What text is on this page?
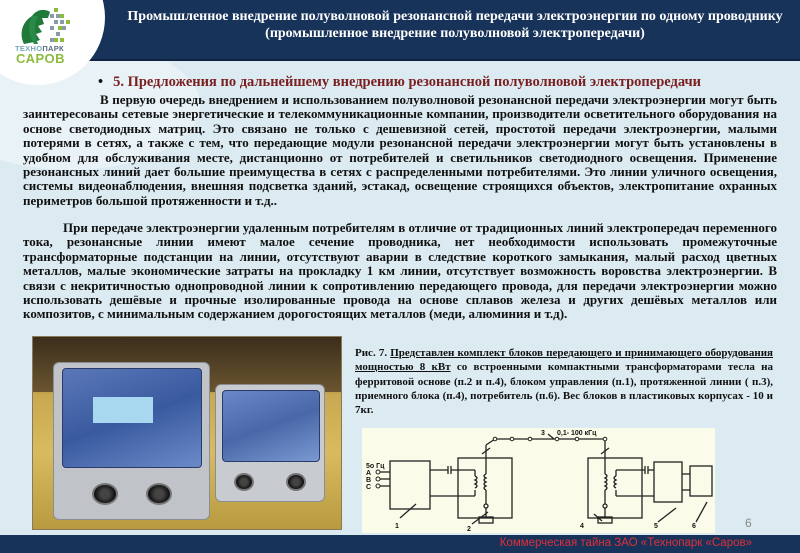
Промышленное внедрение полуволновой резонансной передачи электроэнергии по одному проводнику
(промышленное внедрение полуволновой электропередачи)
ТЕХНОПАРК
САРОВ
• 5. Предложения по дальнейшему внедрению резонансной полуволновой электропередачи
В первую очередь внедрением и использованием полуволновой резонансной передачи электроэнергии могут быть заинтересованы сетевые энергетические и телекоммуникационные компании, производители осветительного оборудования на основе светодиодных матриц. Это связано не только с дешевизной сетей, простотой передачи электроэнергии, малыми потерями в сетях, а также с тем, что передающие модули резонансной передачи электроэнергии могут быть установлены в удобном для обслуживания месте, дистанционно от потребителей и светильников светодиодного освещения. Применение резонансных линий дает большие преимущества в сетях с распределенными потребителями. Это линии уличного освещения, системы видеонаблюдения, внешняя подсветка зданий, эстакад, освещение строящихся объектов, электропитание охранных периметров большой протяженности и т.д..
При передаче электроэнергии удаленным потребителям в отличие от традиционных линий электропередач переменного тока, резонансные линии имеют малое сечение проводника, нет необходимости использовать промежуточные трансформаторные подстанции на линии, отсутствуют аварии в следствие короткого замыкания, малый расход цветных металлов, малые экономические затраты на прокладку 1 км линии, отсутствует возможность воровства электроэнергии. В связи с некритичностью однопроводной линии к сопротивлению передающего провода, для передачи электроэнергии можно использовать дешёвые и прочные изолированные провода на основе сплавов железа и других дешёвых металлов или композитов, с минимальным содержанием дорогостоящих металлов (меди, алюминия и т.д).
Рис. 7. Представлен комплект блоков передающего и принимающего оборудования мощностью 8 кВт со встроенными компактными трансформаторами тесла на ферритовой основе (п.2 и п.4), блоком управления (п.1), протяженной линии ( п.3), приемного блока (п.4), потребитель (п.6). Вес блоков в пластиковых корпусах - 10 и 7кг.
5о Гц
A
B
C
3 0,1- 100 кГц
1	2	4	5	6	6
Коммерческая тайна ЗАО «Технопарк «Саров»
